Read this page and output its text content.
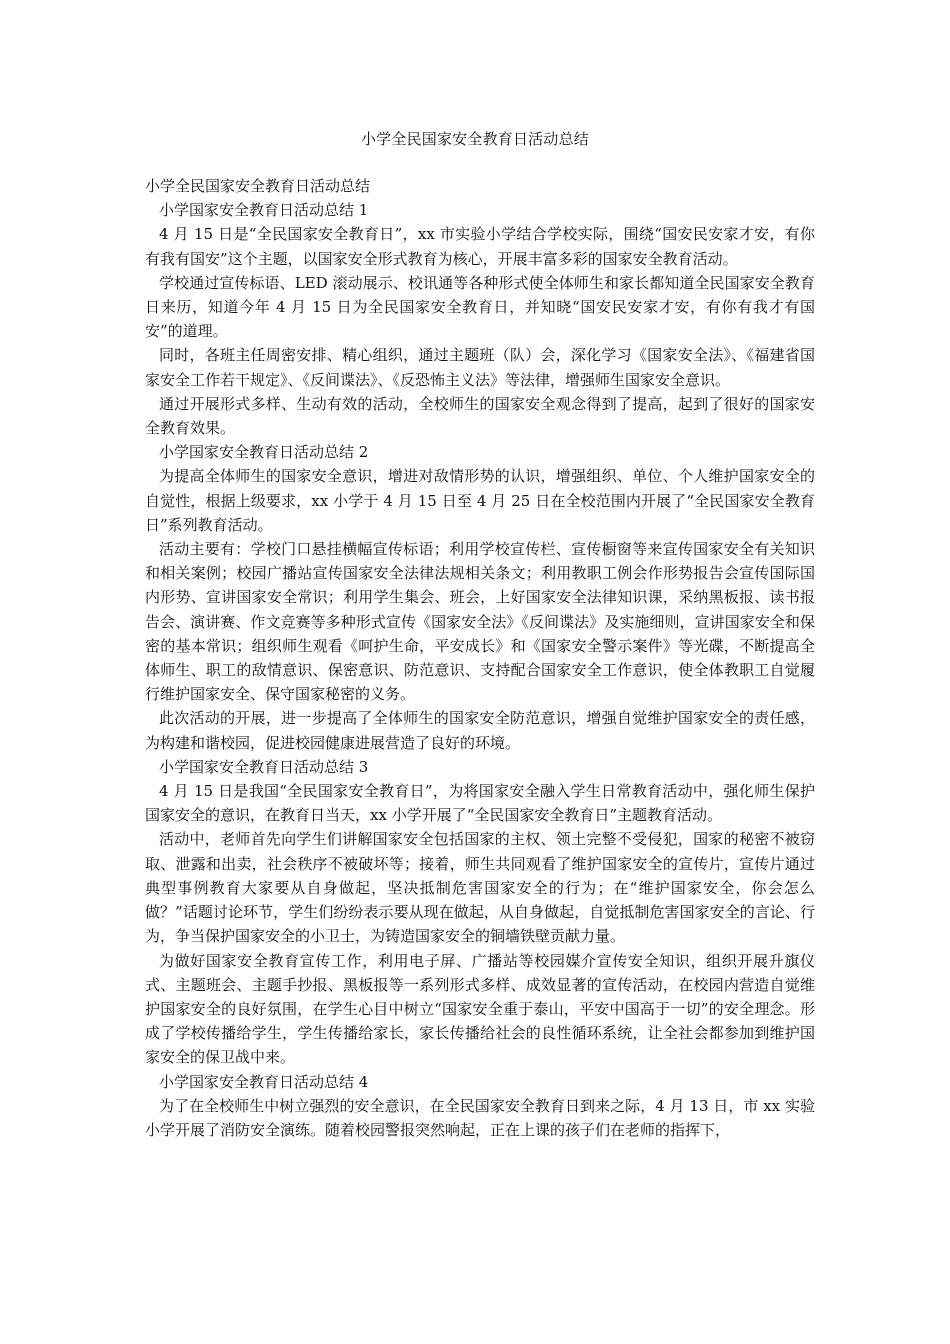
小学全民国家安全教育日活动总结

小学全民国家安全教育日活动总结

小学国家安全教育日活动总结 1

4 月 15 日是“全民国家安全教育日”，xx 市实验小学结合学校实际，围绕“国安民安家才安，有你有我有国安”这个主题，以国家安全形式教育为核心，开展丰富多彩的国家安全教育活动。

学校通过宣传标语、LED 滚动展示、校讯通等各种形式使全体师生和家长都知道全民国家安全教育日来历，知道今年 4 月 15 日为全民国家安全教育日，并知晓“国安民安家才安，有你有我才有国安”的道理。

同时，各班主任周密安排、精心组织，通过主题班（队）会，深化学习《国家安全法》、《福建省国家安全工作若干规定》、《反间谍法》、《反恐怖主义法》等法律，增强师生国家安全意识。

通过开展形式多样、生动有效的活动，全校师生的国家安全观念得到了提高，起到了很好的国家安全教育效果。

小学国家安全教育日活动总结 2

为提高全体师生的国家安全意识，增进对敌情形势的认识，增强组织、单位、个人维护国家安全的自觉性，根据上级要求，xx 小学于 4 月 15 日至 4 月 25 日在全校范围内开展了“全民国家安全教育日”系列教育活动。

活动主要有：学校门口悬挂横幅宣传标语；利用学校宣传栏、宣传橱窗等来宣传国家安全有关知识和相关案例；校园广播站宣传国家安全法律法规相关条文；利用教职工例会作形势报告会宣传国际国内形势、宣讲国家安全常识；利用学生集会、班会，上好国家安全法律知识课，采纳黑板报、读书报告会、演讲赛、作文竞赛等多种形式宣传《国家安全法》《反间谍法》及实施细则，宣讲国家安全和保密的基本常识；组织师生观看《呵护生命，平安成长》和《国家安全警示案件》等光碟，不断提高全体师生、职工的敌情意识、保密意识、防范意识、支持配合国家安全工作意识，使全体教职工自觉履行维护国家安全、保守国家秘密的义务。

此次活动的开展，进一步提高了全体师生的国家安全防范意识，增强自觉维护国家安全的责任感，为构建和谐校园，促进校园健康进展营造了良好的环境。

小学国家安全教育日活动总结 3

4 月 15 日是我国“全民国家安全教育日”，为将国家安全融入学生日常教育活动中，强化师生保护国家安全的意识，在教育日当天，xx 小学开展了“全民国家安全教育日”主题教育活动。

活动中，老师首先向学生们讲解国家安全包括国家的主权、领土完整不受侵犯，国家的秘密不被窃取、泄露和出卖，社会秩序不被破坏等；接着，师生共同观看了维护国家安全的宣传片，宣传片通过典型事例教育大家要从自身做起，坚决抵制危害国家安全的行为；在“维护国家安全，你会怎么做？”话题讨论环节，学生们纷纷表示要从现在做起，从自身做起，自觉抵制危害国家安全的言论、行为，争当保护国家安全的小卫士，为铸造国家安全的铜墙铁壁贡献力量。

为做好国家安全教育宣传工作，利用电子屏、广播站等校园媒介宣传安全知识，组织开展升旗仪式、主题班会、主题手抄报、黑板报等一系列形式多样、成效显著的宣传活动，在校园内营造自觉维护国家安全的良好氛围，在学生心目中树立“国家安全重于泰山，平安中国高于一切”的安全理念。形成了学校传播给学生，学生传播给家长，家长传播给社会的良性循环系统，让全社会都参加到维护国家安全的保卫战中来。

小学国家安全教育日活动总结 4

为了在全校师生中树立强烈的安全意识，在全民国家安全教育日到来之际，4 月 13 日，市 xx 实验小学开展了消防安全演练。随着校园警报突然响起，正在上课的孩子们在老师的指挥下，
